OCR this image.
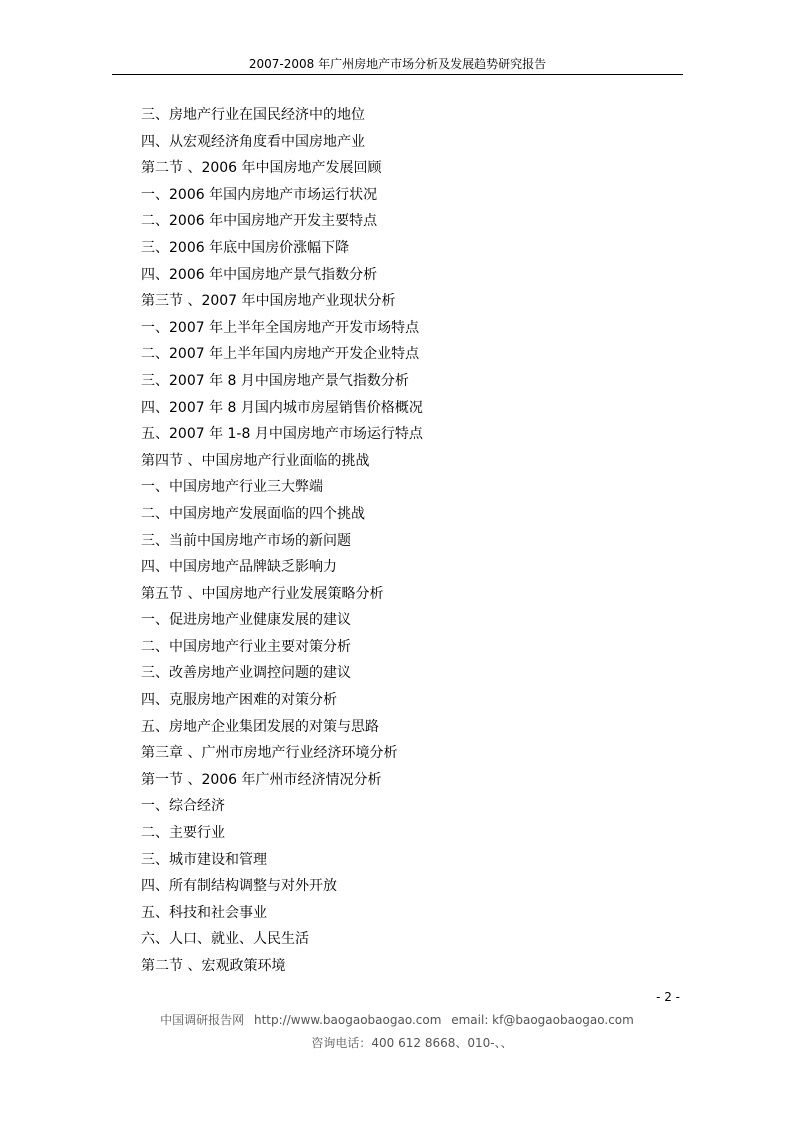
2007-2008 年广州房地产市场分析及发展趋势研究报告
三、房地产行业在国民经济中的地位
四、从宏观经济角度看中国房地产业
第二节 、2006 年中国房地产发展回顾
一、2006 年国内房地产市场运行状况
二、2006 年中国房地产开发主要特点
三、2006 年底中国房价涨幅下降
四、2006 年中国房地产景气指数分析
第三节 、2007 年中国房地产业现状分析
一、2007 年上半年全国房地产开发市场特点
二、2007 年上半年国内房地产开发企业特点
三、2007 年 8 月中国房地产景气指数分析
四、2007 年 8 月国内城市房屋销售价格概况
五、2007 年 1-8 月中国房地产市场运行特点
第四节 、中国房地产行业面临的挑战
一、中国房地产行业三大弊端
二、中国房地产发展面临的四个挑战
三、当前中国房地产市场的新问题
四、中国房地产品牌缺乏影响力
第五节 、中国房地产行业发展策略分析
一、促进房地产业健康发展的建议
二、中国房地产行业主要对策分析
三、改善房地产业调控问题的建议
四、克服房地产困难的对策分析
五、房地产企业集团发展的对策与思路
第三章 、广州市房地产行业经济环境分析
第一节 、2006 年广州市经济情况分析
一、综合经济
二、主要行业
三、城市建设和管理
四、所有制结构调整与对外开放
五、科技和社会事业
六、人口、就业、人民生活
第二节 、宏观政策环境
- 2 -
中国调研报告网 http://www.baogaobaogao.com email: kf@baogaobaogao.com
咨询电话：400 612 8668、010-、、
